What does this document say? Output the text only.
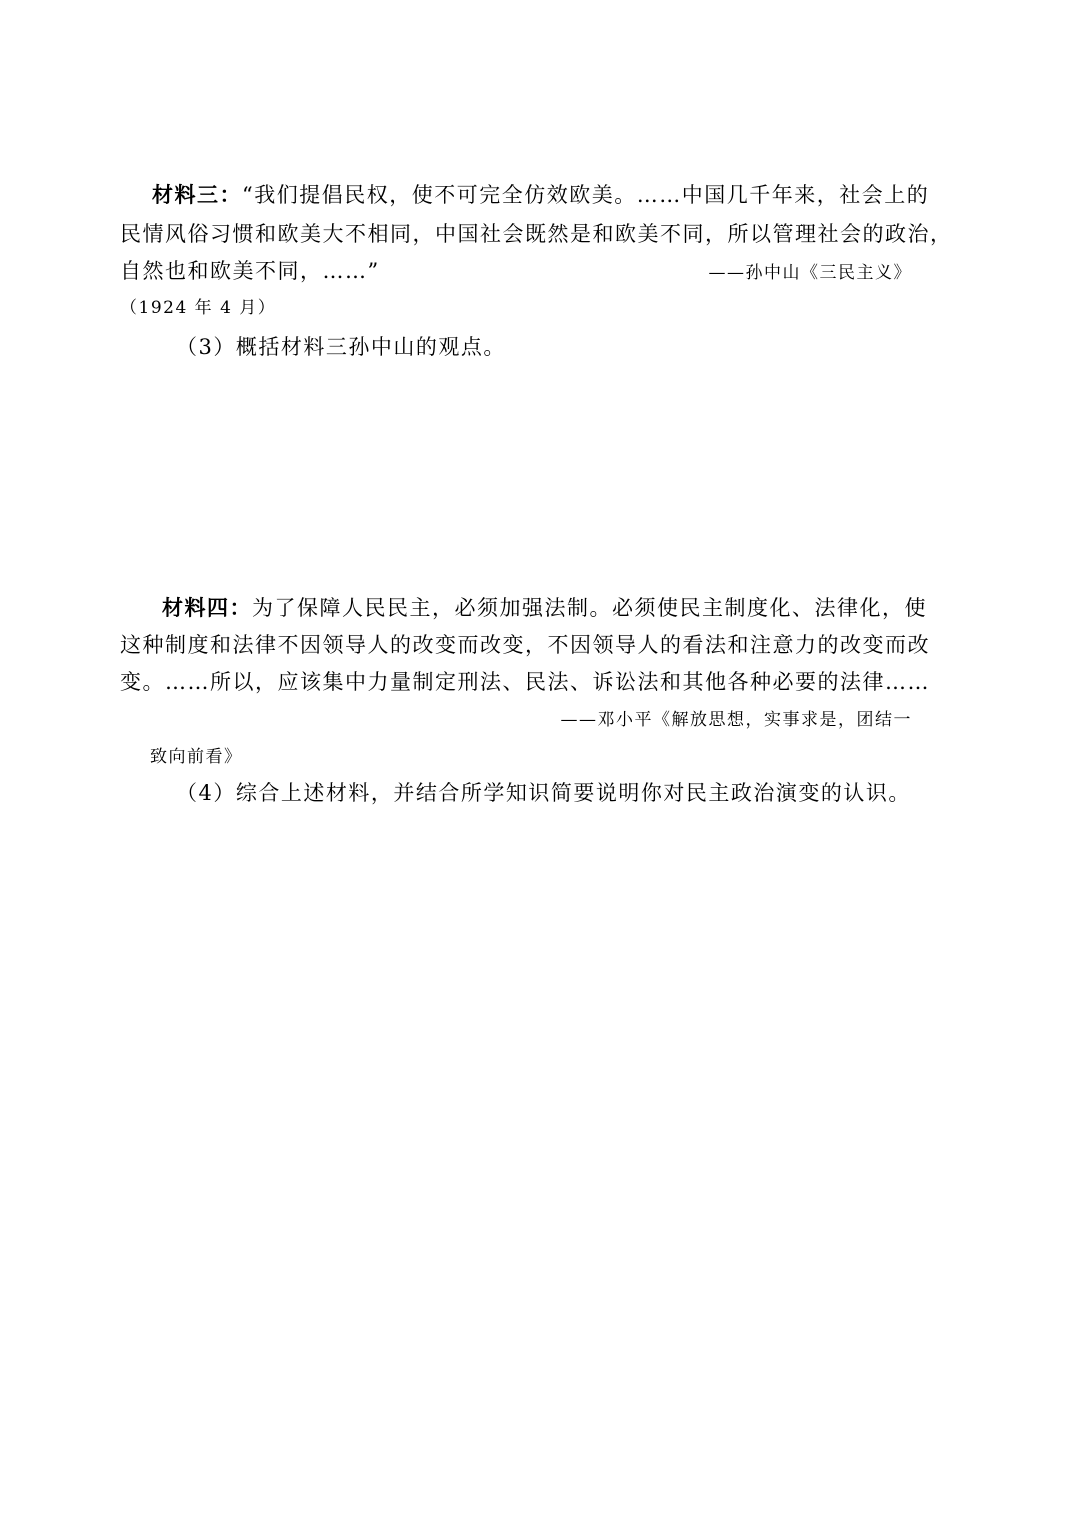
材料三：“我们提倡民权，使不可完全仿效欧美。……中国几千年来，社会上的
民情风俗习惯和欧美大不相同，中国社会既然是和欧美不同，所以管理社会的政治，
自然也和欧美不同，……”	——孙中山《三民主义》
（1924 年 4 月）
（3）概括材料三孙中山的观点。
材料四：为了保障人民民主，必须加强法制。必须使民主制度化、法律化，使
这种制度和法律不因领导人的改变而改变，不因领导人的看法和注意力的改变而改
变。……所以，应该集中力量制定刑法、民法、诉讼法和其他各种必要的法律……
——邓小平《解放思想，实事求是，团结一
致向前看》
（4）综合上述材料，并结合所学知识简要说明你对民主政治演变的认识。
